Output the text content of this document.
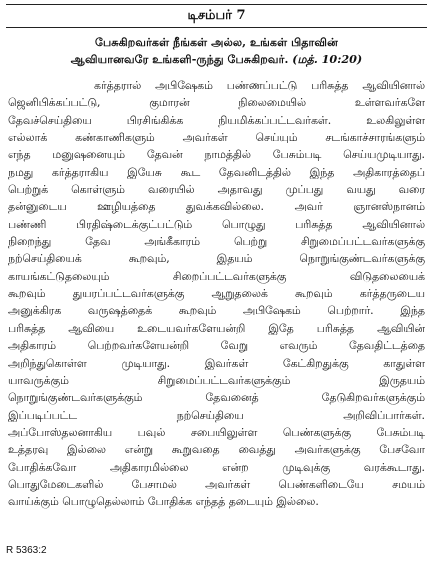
டிசம்பர் 7
பேசுகிறவர்கள் நீங்கள் அல்ல, உங்கள் பிதாவின்
ஆவியானவரே உங்களி-ருந்து பேசுகிறவர். (மத். 10:20)
கர்த்தரால் அபிஷேகம் பண்ணப்பட்டு பரிசுத்த ஆவியினால்
ஜெனிபிக்கப்பட்டு, குமாரன் நிலைமையில் உள்ளவர்களே
தேவச்செய்தியை பிரசிங்கிக்க நியமிக்கப்பட்டவர்கள். உலகிலுள்ள
எல்லாக் கண்காணிகளும் அவர்கள் செய்யும் சடங்காச்சாரங்களும்
எந்த மனுஷனையும் தேவன் நாமத்தில் பேசும்படி செய்யமுடியாது.
நமது கர்த்தராகிய இயேசு கூட தேவனிடத்தில் இந்த அதிகாரத்தைப்
பெற்றுக் கொள்ளும் வரையில் அதாவது முப்பது வயது வரை
தன்னுடைய ஊழியத்தை துவக்கவில்லை. அவர் ஞானஸ்நானம்
பண்ணி பிரதிஷ்டைக்குட்பட்டும் பொழுது பரிசுத்த ஆவியினால்
நிறைந்து தேவ அங்கீகாரம் பெற்று சிறுமைப்பட்டவர்களுக்கு
நற்செய்தியைக் கூறவும், இதயம் நொறுங்குண்டவர்களுக்கு
காயங்கட்டுதலையும் சிறைப்பட்டவர்களுக்கு விடுதலையைக்
கூறவும் துயரப்பட்டவர்களுக்கு ஆறுதலைக் கூறவும் கர்த்தருடைய
அனுக்கிரக வருஷத்தைக் கூறவும் அபிஷேகம் பெற்றார். இந்த
பரிசுத்த ஆவியை உடையவர்களேயன்றி இதே பரிசுத்த ஆவியின்
அதிகாரம் பெற்றவர்களேயன்றி வேறு எவரும் தேவதிட்டத்தை
அறிந்துகொள்ள முடியாது. இவர்கள் கேட்கிறதுக்கு காதுள்ள
யாவருக்கும் சிறுமைப்பட்டவர்களுக்கும் இருதயம்
நொறுங்குண்டவர்களுக்கும் தேவனைத் தேடுகிறவர்களுக்கும்
இப்படிப்பட்ட நற்செய்தியை அறிவிப்பார்கள்.
அப்போஸ்தலனாகிய பவுல் சபையிலுள்ள பெண்களுக்கு பேசும்படி
உத்தரவு இல்லை என்று கூறுவதை வைத்து அவர்களுக்கு பேசவோ
போதிக்கவோ அதிகாரமில்லை என்ற முடிவுக்கு வரக்கூடாது.
பொதுமேடைகளில் பேசாமல் அவர்கள் பெண்களிடையே சமயம்
வாய்க்கும் பொழுதெல்லாம் போதிக்க எந்தத் தடையும் இல்லை.
R 5363:2
